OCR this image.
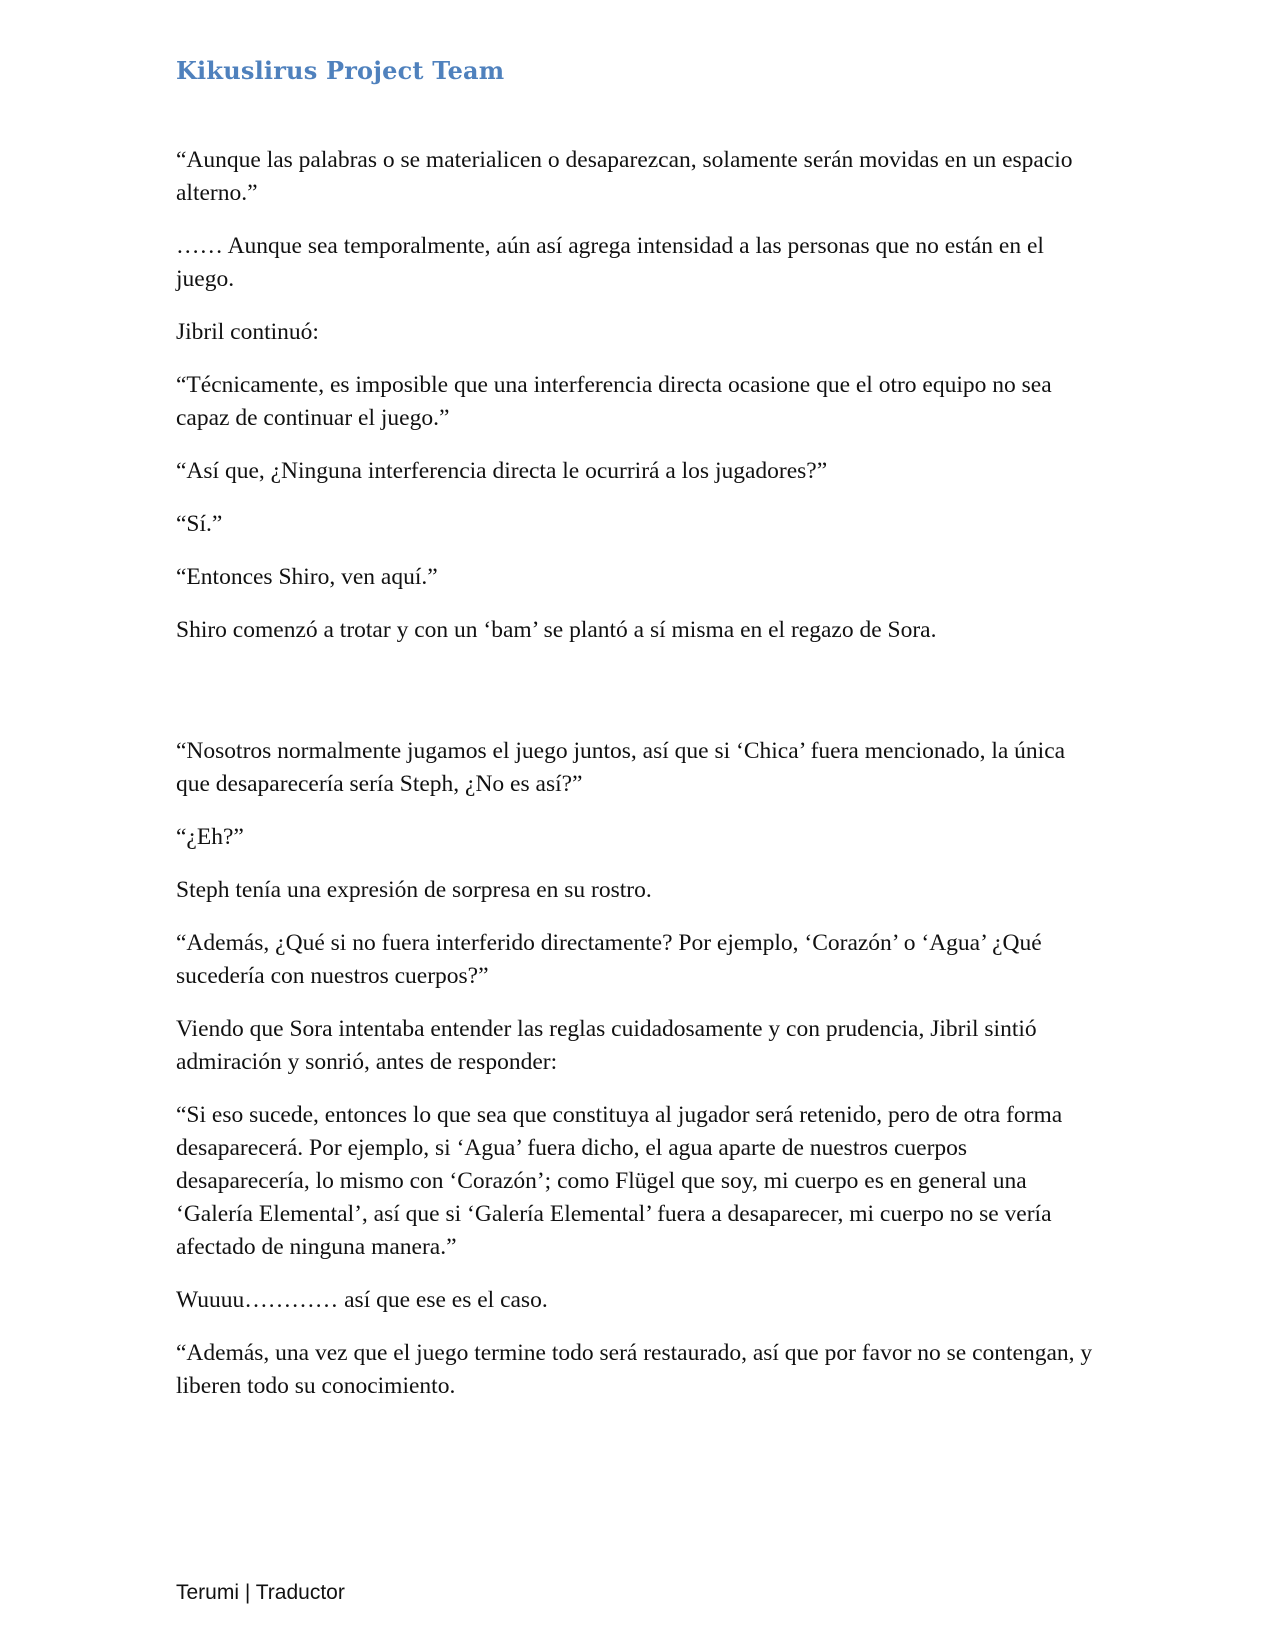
Kikuslirus Project Team

“Aunque las palabras o se materialicen o desaparezcan, solamente serán movidas en un espacio alterno.”

…… Aunque sea temporalmente, aún así agrega intensidad a las personas que no están en el juego.

Jibril continuó:

“Técnicamente, es imposible que una interferencia directa ocasione que el otro equipo no sea capaz de continuar el juego.”

“Así que, ¿Ninguna interferencia directa le ocurrirá a los jugadores?”

“Sí.”

“Entonces Shiro, ven aquí.”

Shiro comenzó a trotar y con un ‘bam’ se plantó a sí misma en el regazo de Sora.

“Nosotros normalmente jugamos el juego juntos, así que si ‘Chica’ fuera mencionado, la única que desaparecería sería Steph, ¿No es así?”

“¿Eh?”

Steph tenía una expresión de sorpresa en su rostro.

“Además, ¿Qué si no fuera interferido directamente? Por ejemplo, ‘Corazón’ o ‘Agua’ ¿Qué sucedería con nuestros cuerpos?”

Viendo que Sora intentaba entender las reglas cuidadosamente y con prudencia, Jibril sintió admiración y sonrió, antes de responder:

“Si eso sucede, entonces lo que sea que constituya al jugador será retenido, pero de otra forma desaparecerá. Por ejemplo, si ‘Agua’ fuera dicho, el agua aparte de nuestros cuerpos desaparecería, lo mismo con ‘Corazón’; como Flügel que soy, mi cuerpo es en general una ‘Galería Elemental’, así que si ‘Galería Elemental’ fuera a desaparecer, mi cuerpo no se vería afectado de ninguna manera.”

Wuuuu………… así que ese es el caso.

“Además, una vez que el juego termine todo será restaurado, así que por favor no se contengan, y liberen todo su conocimiento.

Terumi | Traductor
